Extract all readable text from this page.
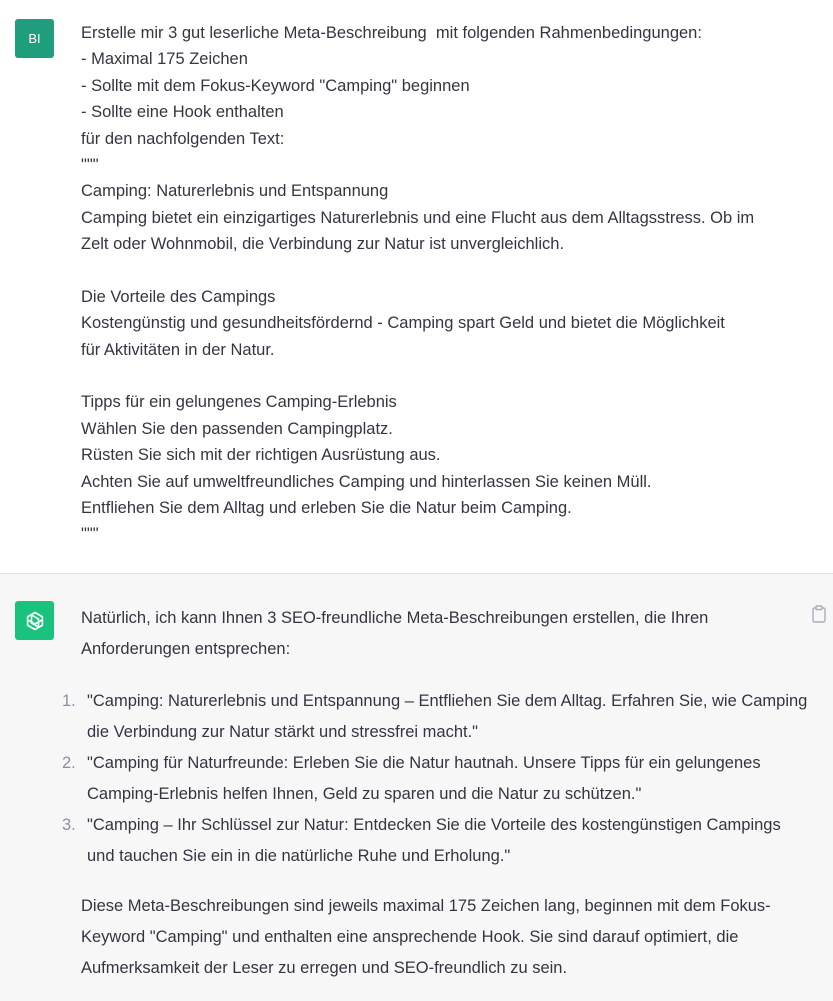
BI Erstelle mir 3 gut leserliche Meta-Beschreibung  mit folgenden Rahmenbedingungen:
- Maximal 175 Zeichen
- Sollte mit dem Fokus-Keyword "Camping" beginnen
- Sollte eine Hook enthalten
für den nachfolgenden Text:
"""
Camping: Naturerlebnis und Entspannung
Camping bietet ein einzigartiges Naturerlebnis und eine Flucht aus dem Alltagsstress. Ob im
Zelt oder Wohnmobil, die Verbindung zur Natur ist unvergleichlich.
Die Vorteile des Campings
Kostengünstig und gesundheitsfördernd - Camping spart Geld und bietet die Möglichkeit
für Aktivitäten in der Natur.
Tipps für ein gelungenes Camping-Erlebnis
Wählen Sie den passenden Campingplatz.
Rüsten Sie sich mit der richtigen Ausrüstung aus.
Achten Sie auf umweltfreundliches Camping und hinterlassen Sie keinen Müll.
Entfliehen Sie dem Alltag und erleben Sie die Natur beim Camping.
"""

Natürlich, ich kann Ihnen 3 SEO-freundliche Meta-Beschreibungen erstellen, die Ihren Anforderungen entsprechen:

1. "Camping: Naturerlebnis und Entspannung – Entfliehen Sie dem Alltag. Erfahren Sie, wie Camping die Verbindung zur Natur stärkt und stressfrei macht."
2. "Camping für Naturfreunde: Erleben Sie die Natur hautnah. Unsere Tipps für ein gelungenes Camping-Erlebnis helfen Ihnen, Geld zu sparen und die Natur zu schützen."
3. "Camping – Ihr Schlüssel zur Natur: Entdecken Sie die Vorteile des kostengünstigen Campings und tauchen Sie ein in die natürliche Ruhe und Erholung."

Diese Meta-Beschreibungen sind jeweils maximal 175 Zeichen lang, beginnen mit dem Fokus-Keyword "Camping" und enthalten eine ansprechende Hook. Sie sind darauf optimiert, die Aufmerksamkeit der Leser zu erregen und SEO-freundlich zu sein.
